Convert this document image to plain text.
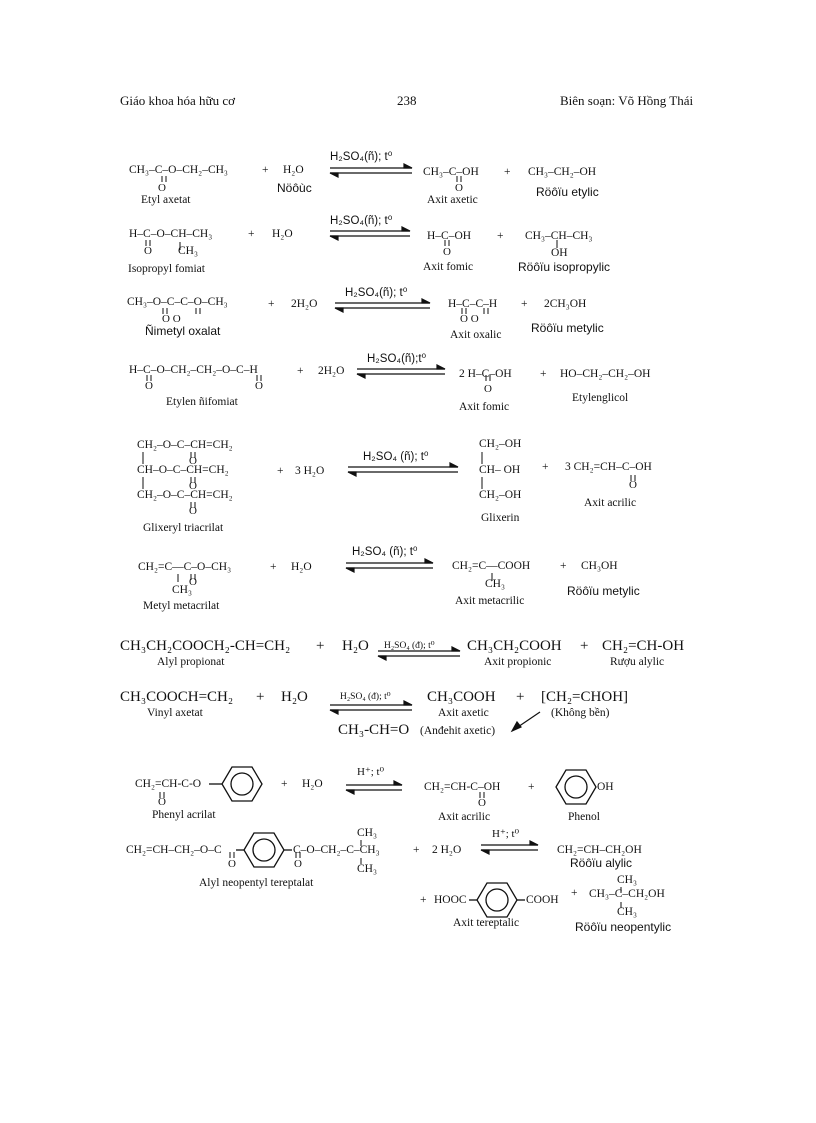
Giáo khoa hóa hữu cơ	238	Biên soạn: Võ Hồng Thái
CH₃–C–O–CH₂–CH₃
O
+ H₂O
Nöôùc
H₂SO₄(ñ); t⁰
CH₃–C–OH
O
+ CH₃–CH₂–OH
Etyl axetat	Axit axetic
Röôïu etylic
H–C–O–CH–CH₃
O CH₃
+ H₂O
H₂SO₄(ñ); t⁰
H–C–OH
O
+ CH₃–CH–CH₃
OH
Isopropyl fomiat	Axit fomic	Röôïu isopropylic
CH₃–O–C–C–O–CH₃
O O
+ 2H₂O
H₂SO₄(ñ); t⁰
H–C–C–H
O O
+ 2CH₃OH
Ñimetyl oxalat	Axit oxalic Röôïu metylic
H–C–O–CH₂–CH₂–O–C–H
O	O
+ 2H₂O
H₂SO₄(ñ);t⁰
2 H–C–OH
O
+ HO–CH₂–CH₂–OH
Etylen ñifomiat	Axit fomic
Etylenglicol
CH₂–O–C–CH=CH₂
O
CH–O–C–CH=CH₂
O
CH₂–O–C–CH=CH₂
O
+ 3 H₂O
H₂SO₄ (ñ); t⁰
CH₂–OH
CH– OH
CH₂–OH
+ 3 CH₂=CH–C–OH
O
Glixeryl triacrilat
Glixerin
Axit acrilic
CH₂=C—C–O–CH₃
O
CH₃
+ H₂O
H₂SO₄ (ñ); t⁰
CH₂=C—COOH
CH₃
+ CH₃OH
Metyl metacrilat	Axit metacrilic
Röôïu metylic
CH₃CH₂COOCH₂-CH=CH₂ + H₂O H₂SO₄ (đ); t⁰ CH₃CH₂COOH + CH₂=CH-OH
Alyl propionat	Axit propionic	Rượu alylic
CH₃COOCH=CH₂ + H₂O	H₂SO₄ (đ); t⁰ CH₃COOH + [CH₂=CHOH]
Vinyl axetat	Axit axetic	(Không bền)
CH₃-CH=O (Anđehit axetic)
CH₂=CH-C-O
O
+ H₂O
H⁺; t⁰
CH₂=CH-C–OH
O
+	OH
Phenyl acrilat	Axit acrilic	Phenol
CH₂=CH–CH₂–O–C
O
C–O–CH₂–C–CH₃
O
CH₃
CH₃
+ 2 H₂O
H⁺; t⁰
CH₂=CH–CH₂OH
Röôïu alylic
Alyl neopentyl tereptalat
+ HOOC	COOH
+
CH₃
CH₃–C–CH₂OH
CH₃
Axit tereptalic	Röôïu neopentylic
